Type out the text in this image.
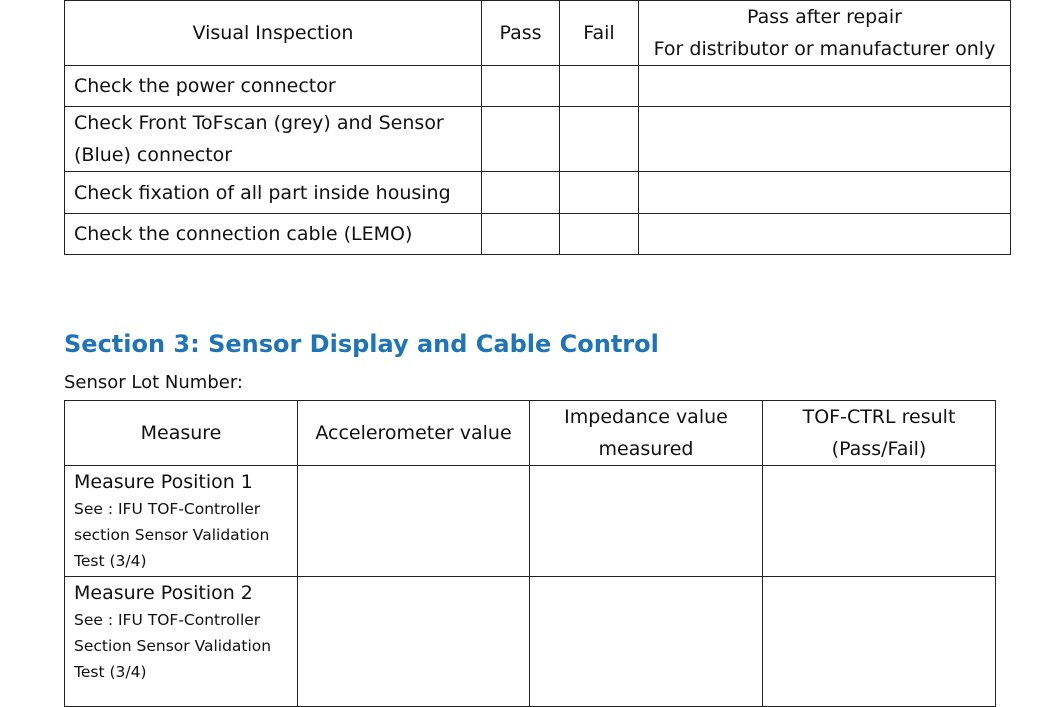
Visual Inspection	Pass	Fail	Pass after repair
For distributor or manufacturer only

Check the power connector			
Check Front ToFscan (grey) and Sensor (Blue) connector			
Check fixation of all part inside housing			
Check the connection cable (LEMO)			
Section 3: Sensor Display and Cable Control
Sensor Lot Number:
Measure	Accelerometer value	Impedance value measured	TOF-CTRL result (Pass/Fail)

Measure Position 1
See : IFU TOF-Controller section Sensor Validation Test (3/4)			

Measure Position 2
See : IFU TOF-Controller Section Sensor Validation Test (3/4)			
